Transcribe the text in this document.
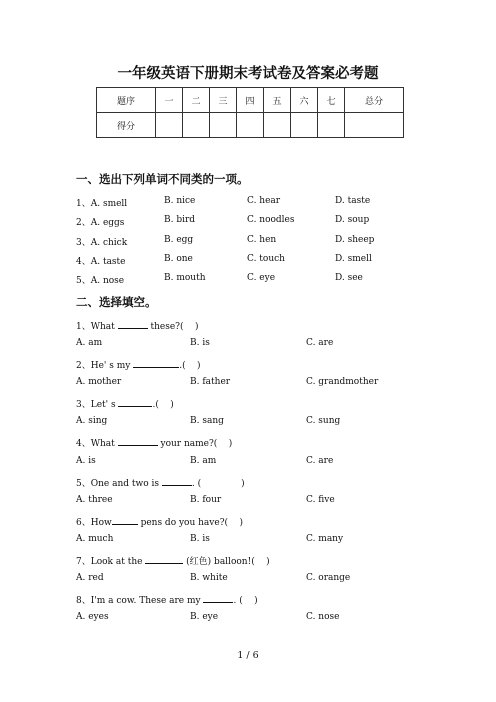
一年级英语下册期末考试卷及答案必考题
题序	一	二	三	四	五	六	七	总分
得分								
一、选出下列单词不同类的一项。
1、A. smell	B. nice	C. hear	D. taste
2、A. eggs	B. bird	C. noodles	D. soup
3、A. chick	B. egg	C. hen	D. sheep
4、A. taste	B. one	C. touch	D. smell
5、A. nose	B. mouth	C. eye	D. see
二、选择填空。
1、What	these?(    )
A. am	B. is	C. are
2、He' s my	.(    )
A. mother	B. father	C. grandmother
3、Let' s	.(    )
A. sing	B. sang	C. sung
4、What	your name?(    )
A. is	B. am	C. are
5、One and two is	. (              )
A. three	B. four	C. five
6、How	pens do you have?(    )
A. much	B. is	C. many
7、Look at the	(红色) balloon!(    )
A. red	B. white	C. orange
8、I'm a cow. These are my	. (    )
A. eyes	B. eye	C. nose
1 / 6
